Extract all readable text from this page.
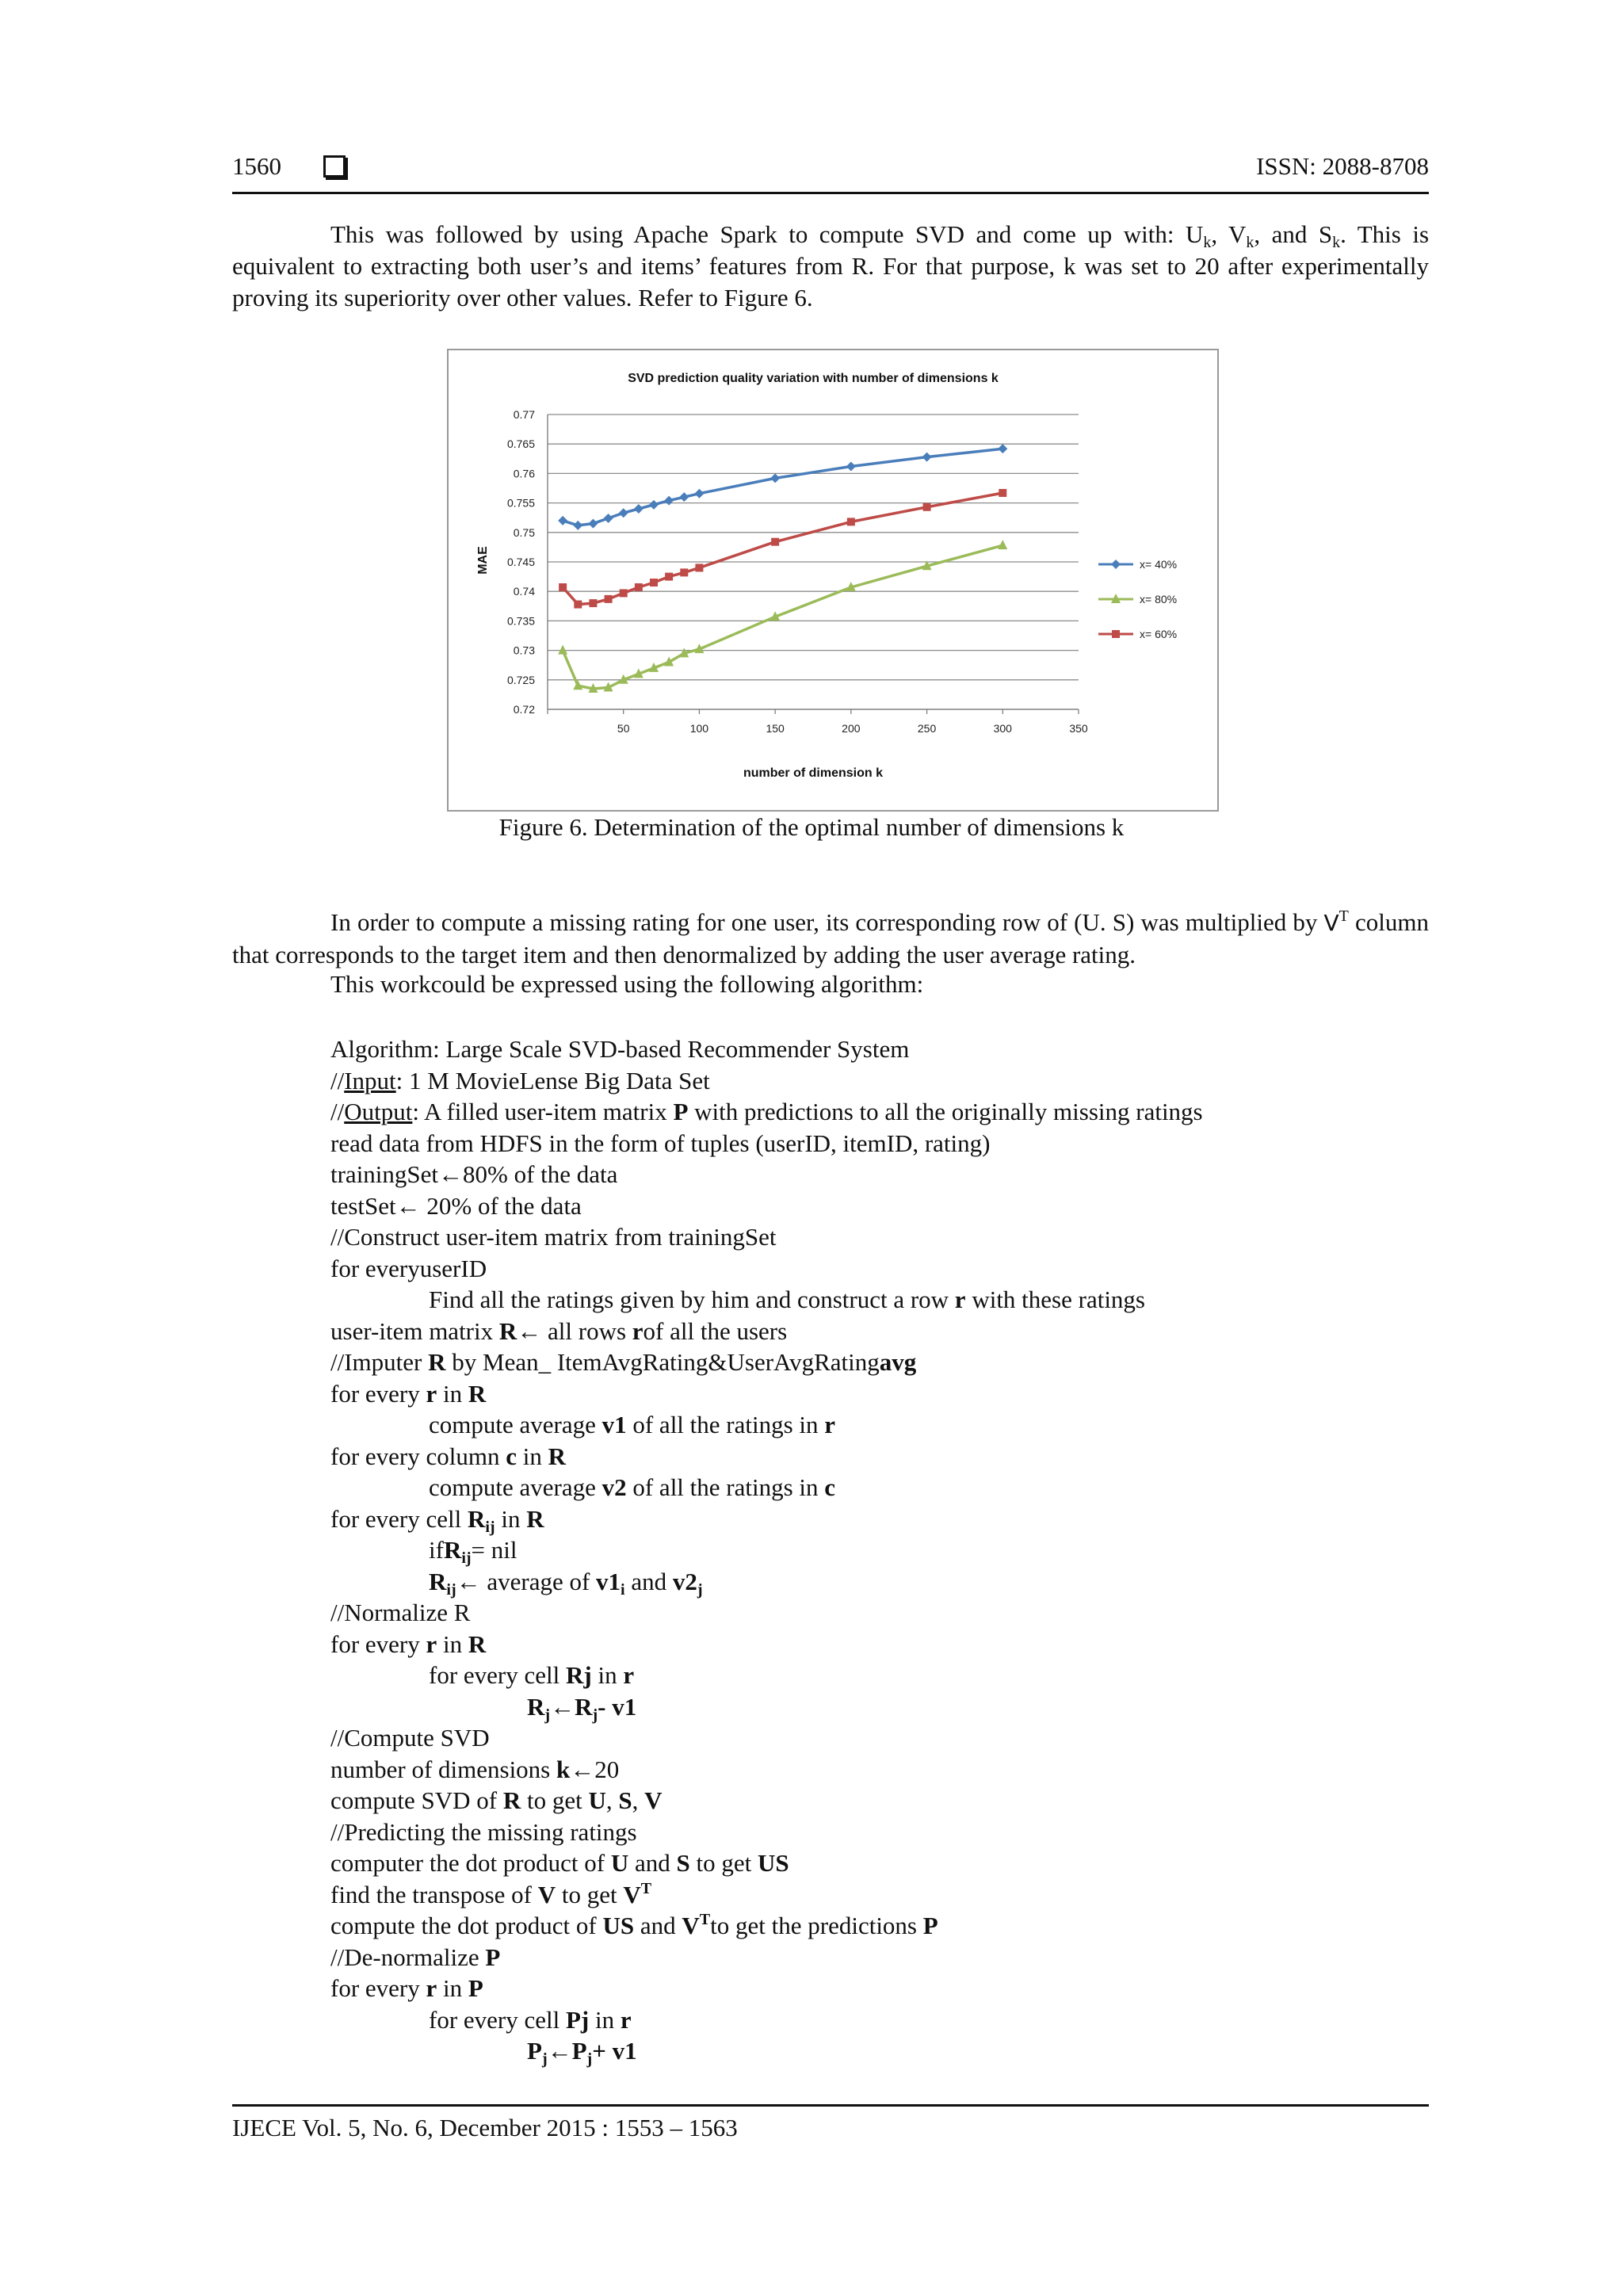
1560	ISSN: 2088-8708
This was followed by using Apache Spark to compute SVD and come up with: $U_k$, $V_k$, and $S_k$. This is equivalent to extracting both user’s and items’ features from R. For that purpose, k was set to 20 after experimentally proving its superiority over other values. Refer to Figure 6.
0.72
0.725
0.73
0.735
0.74
0.745
0.75
0.755
0.76
0.765
0.77
50	100	150	200	250	300	350
SVD prediction quality variation with number of dimensions k
number of dimension k
MAE	x= 40%
x= 80%
x= 60%
Figure 6. Determination of the optimal number of dimensions k
In order to compute a missing rating for one user, its corresponding row of (U. S) was multiplied by $V^T$ column that corresponds to the target item and then denormalized by adding the user average rating.
This workcould be expressed using the following algorithm:
Algorithm: Large Scale SVD-based Recommender System
//Input: 1 M MovieLense Big Data Set
//Output: A filled user-item matrix P with predictions to all the originally missing ratings
read data from HDFS in the form of tuples (userID, itemID, rating)
trainingSet←80% of the data
testSet← 20% of the data
//Construct user-item matrix from trainingSet
for everyuserID
Find all the ratings given by him and construct a row r with these ratings
user-item matrix R← all rows rof all the users
//Imputer R by Mean_ ItemAvgRating&UserAvgRatingavg
for every r in R
compute average v1 of all the ratings in r
for every column c in R
compute average v2 of all the ratings in c
for every cell $R_{ij}$ in R
ifR$_{ij}$= nil
$R_{ij}\leftarrow$ average of $v1_i$ and $v2_j$
//Normalize R
for every r in R
for every cell Rj in r
$R_j\leftarrow R_j-$ v1
//Compute SVD
number of dimensions k←20
compute SVD of R to get U, S, V
//Predicting the missing ratings
computer the dot product of U and S to get US
find the transpose of V to get $V^T$
compute the dot product of US and $V^Tto$ get the predictions P
//De-normalize P
for every r in P
for every cell Pj in r
$P_j\leftarrow P_j+ v1$
IJECE Vol. 5, No. 6, December 2015 : 1553 – 1563
